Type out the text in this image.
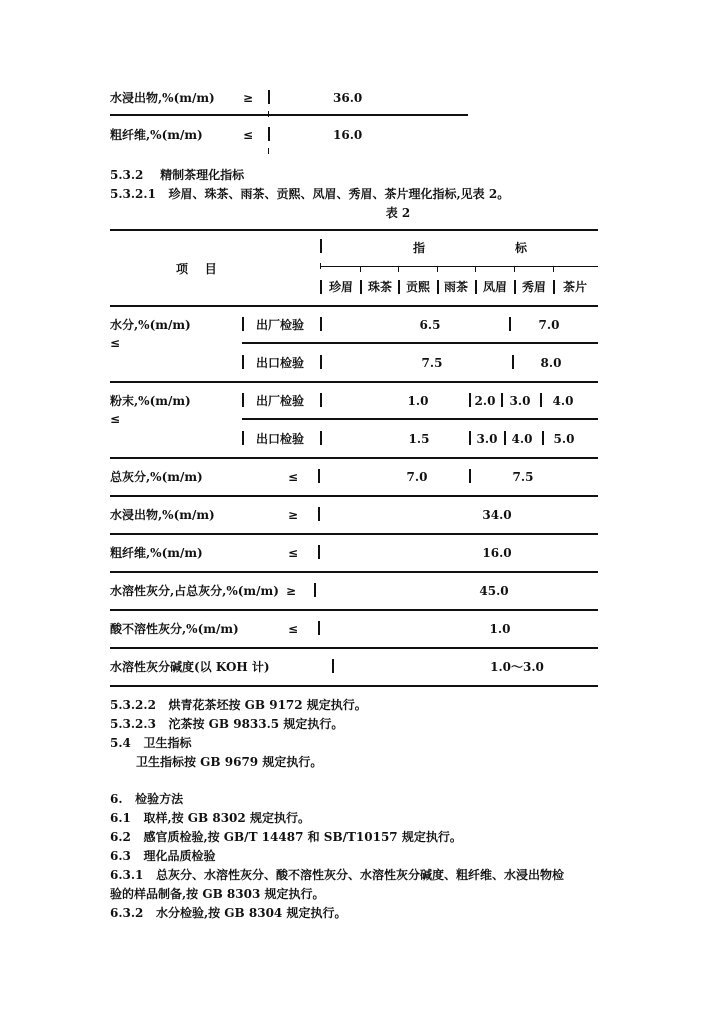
水浸出物,%(m/m) ≥	36.0
粗纤维,%(m/m)	≤	16.0
5.3.2 精制茶理化指标
5.3.2.1 珍眉、珠茶、雨茶、贡熙、凤眉、秀眉、茶片理化指标,见表 2。
表 2
指	标
项    目
珍眉 珠茶 贡熙 雨茶 凤眉 秀眉 茶片
水分,%(m/m)
≤
出厂检验	6.5	7.0
出口检验	7.5	8.0
粉末,%(m/m)
≤
出厂检验	1.0	2.0 3.0 4.0
出口检验	1.5	3.0 4.0 5.0
总灰分,%(m/m)	≤	7.0	7.5
水浸出物,%(m/m)	≥	34.0
粗纤维,%(m/m)	≤	16.0
水溶性灰分,占总灰分,%(m/m) ≥	45.0
酸不溶性灰分,%(m/m)	≤	1.0
水溶性灰分碱度(以 KOH 计)	1.0～3.0
5.3.2.2 烘青花茶坯按 GB 9172 规定执行。
5.3.2.3 沱茶按 GB 9833.5 规定执行。
5.4 卫生指标
卫生指标按 GB 9679 规定执行。
6. 检验方法
6.1 取样,按 GB 8302 规定执行。
6.2 感官质检验,按 GB/T 14487 和 SB/T10157 规定执行。
6.3 理化品质检验
6.3.1 总灰分、水溶性灰分、酸不溶性灰分、水溶性灰分碱度、粗纤维、水浸出物检
验的样品制备,按 GB 8303 规定执行。
6.3.2 水分检验,按 GB 8304 规定执行。
